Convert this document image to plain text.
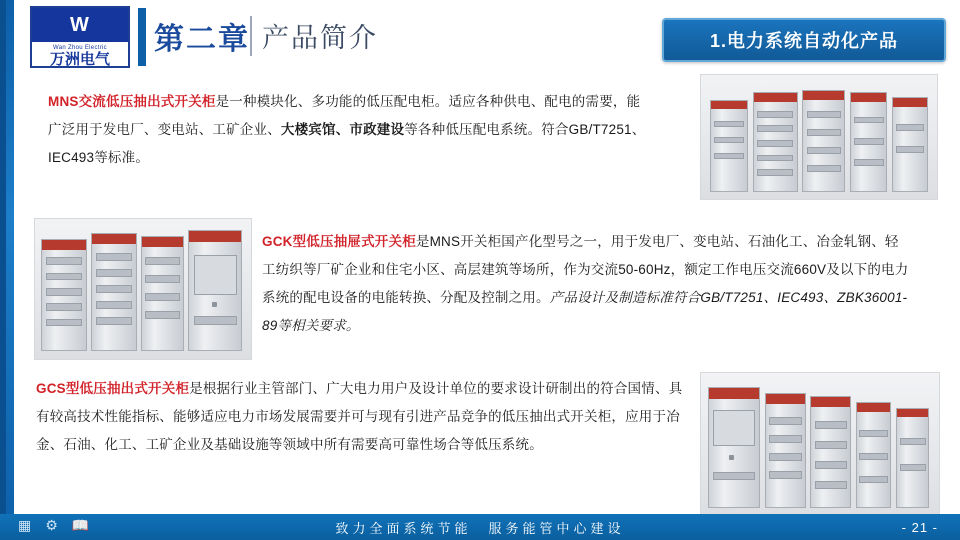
W
Wan Zhou Electric
万洲电气
第二章 产品简介	1.电力系统自动化产品
MNS交流低压抽出式开关柜是一种模块化、多功能的低压配电柜。适应各种供电、配电的需要，能广泛用于发电厂、变电站、工矿企业、大楼宾馆、市政建设等各种低压配电系统。符合GB/T7251、IEC493等标准。
GCK型低压抽屉式开关柜是MNS开关柜国产化型号之一，用于发电厂、变电站、石油化工、冶金轧钢、轻工纺织等厂矿企业和住宅小区、高层建筑等场所，作为交流50-60Hz，额定工作电压交流660V及以下的电力系统的配电设备的电能转换、分配及控制之用。产品设计及制造标准符合GB/T7251、IEC493、ZBK36001-89等相关要求。
GCS型低压抽出式开关柜是根据行业主管部门、广大电力用户及设计单位的要求设计研制出的符合国情、具有较高技术性能指标、能够适应电力市场发展需要并可与现有引进产品竞争的低压抽出式开关柜，应用于冶金、石油、化工、工矿企业及基础设施等领域中所有需要高可靠性场合等低压系统。
▦ ⚙ 📖	致力全面系统节能　服务能管中心建设	- 21 -
